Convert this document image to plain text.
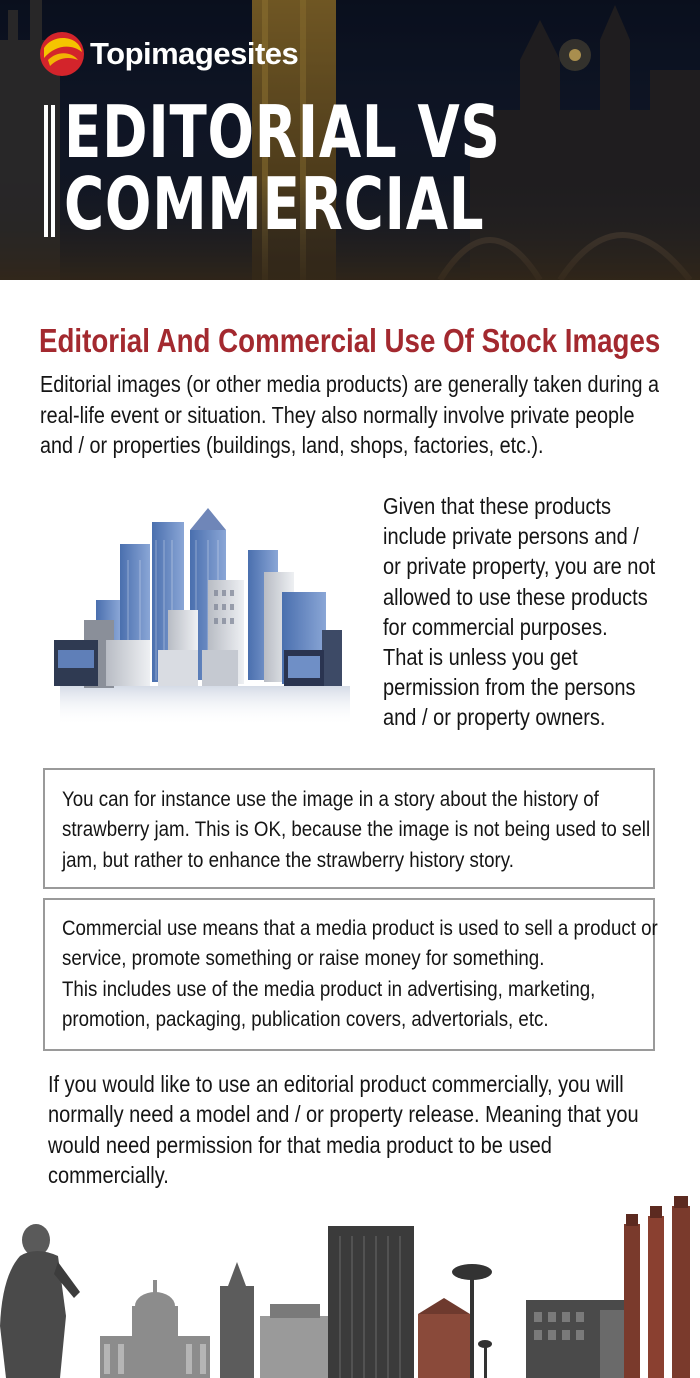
Topimagesites
EDITORIAL VS
COMMERCIAL
Editorial And Commercial Use Of Stock Images
Editorial images (or other media products) are generally taken during a
real-life event or situation. They also normally involve private people
and / or properties (buildings, land, shops, factories, etc.).
Given that these products
include private persons and /
or private property, you are not
allowed to use these products
for commercial purposes.
That is unless you get
permission from the persons
and / or property owners.
You can for instance use the image in a story about the history of
strawberry jam. This is OK, because the image is not being used to sell
jam, but rather to enhance the strawberry history story.
Commercial use means that a media product is used to sell a product or
service, promote something or raise money for something.
This includes use of the media product in advertising, marketing,
promotion, packaging, publication covers, advertorials, etc.
If you would like to use an editorial product commercially, you will
normally need a model and / or property release. Meaning that you
would need permission for that media product to be used
commercially.
